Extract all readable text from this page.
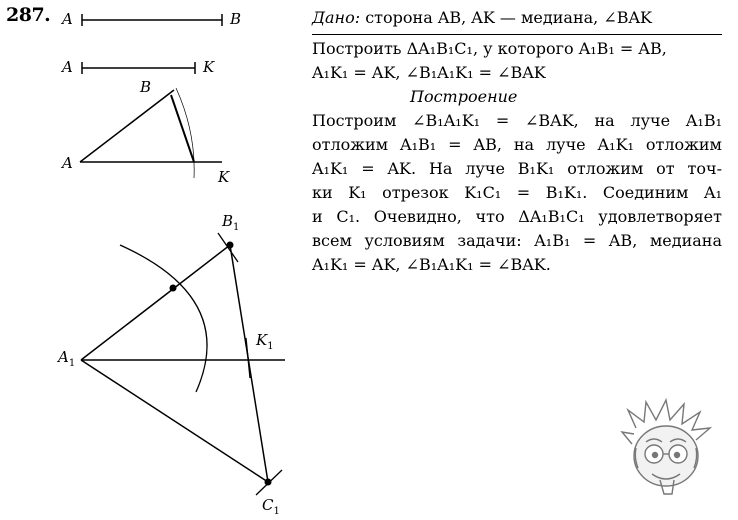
287. A	B
A	K
B
A
K
$A_1$
$B_1$
$K_1$
$C_1$
Дано: сторона AB, AK — медиана, ∠BAK
Построить ΔA₁B₁C₁, у которого A₁B₁ = AB,
A₁K₁ = AK, ∠B₁A₁K₁ = ∠BAK
Построение
Построим ∠B₁A₁K₁ = ∠BAK, на луче A₁B₁
отложим A₁B₁ = AB, на луче A₁K₁ отложим
A₁K₁ = AK. На луче B₁K₁ отложим от точ-
ки K₁ отрезок K₁C₁ = B₁K₁. Соединим A₁
и C₁. Очевидно, что ΔA₁B₁C₁ удовлетворяет
всем условиям задачи: A₁B₁ = AB, медиана
A₁K₁ = AK, ∠B₁A₁K₁ = ∠BAK.
